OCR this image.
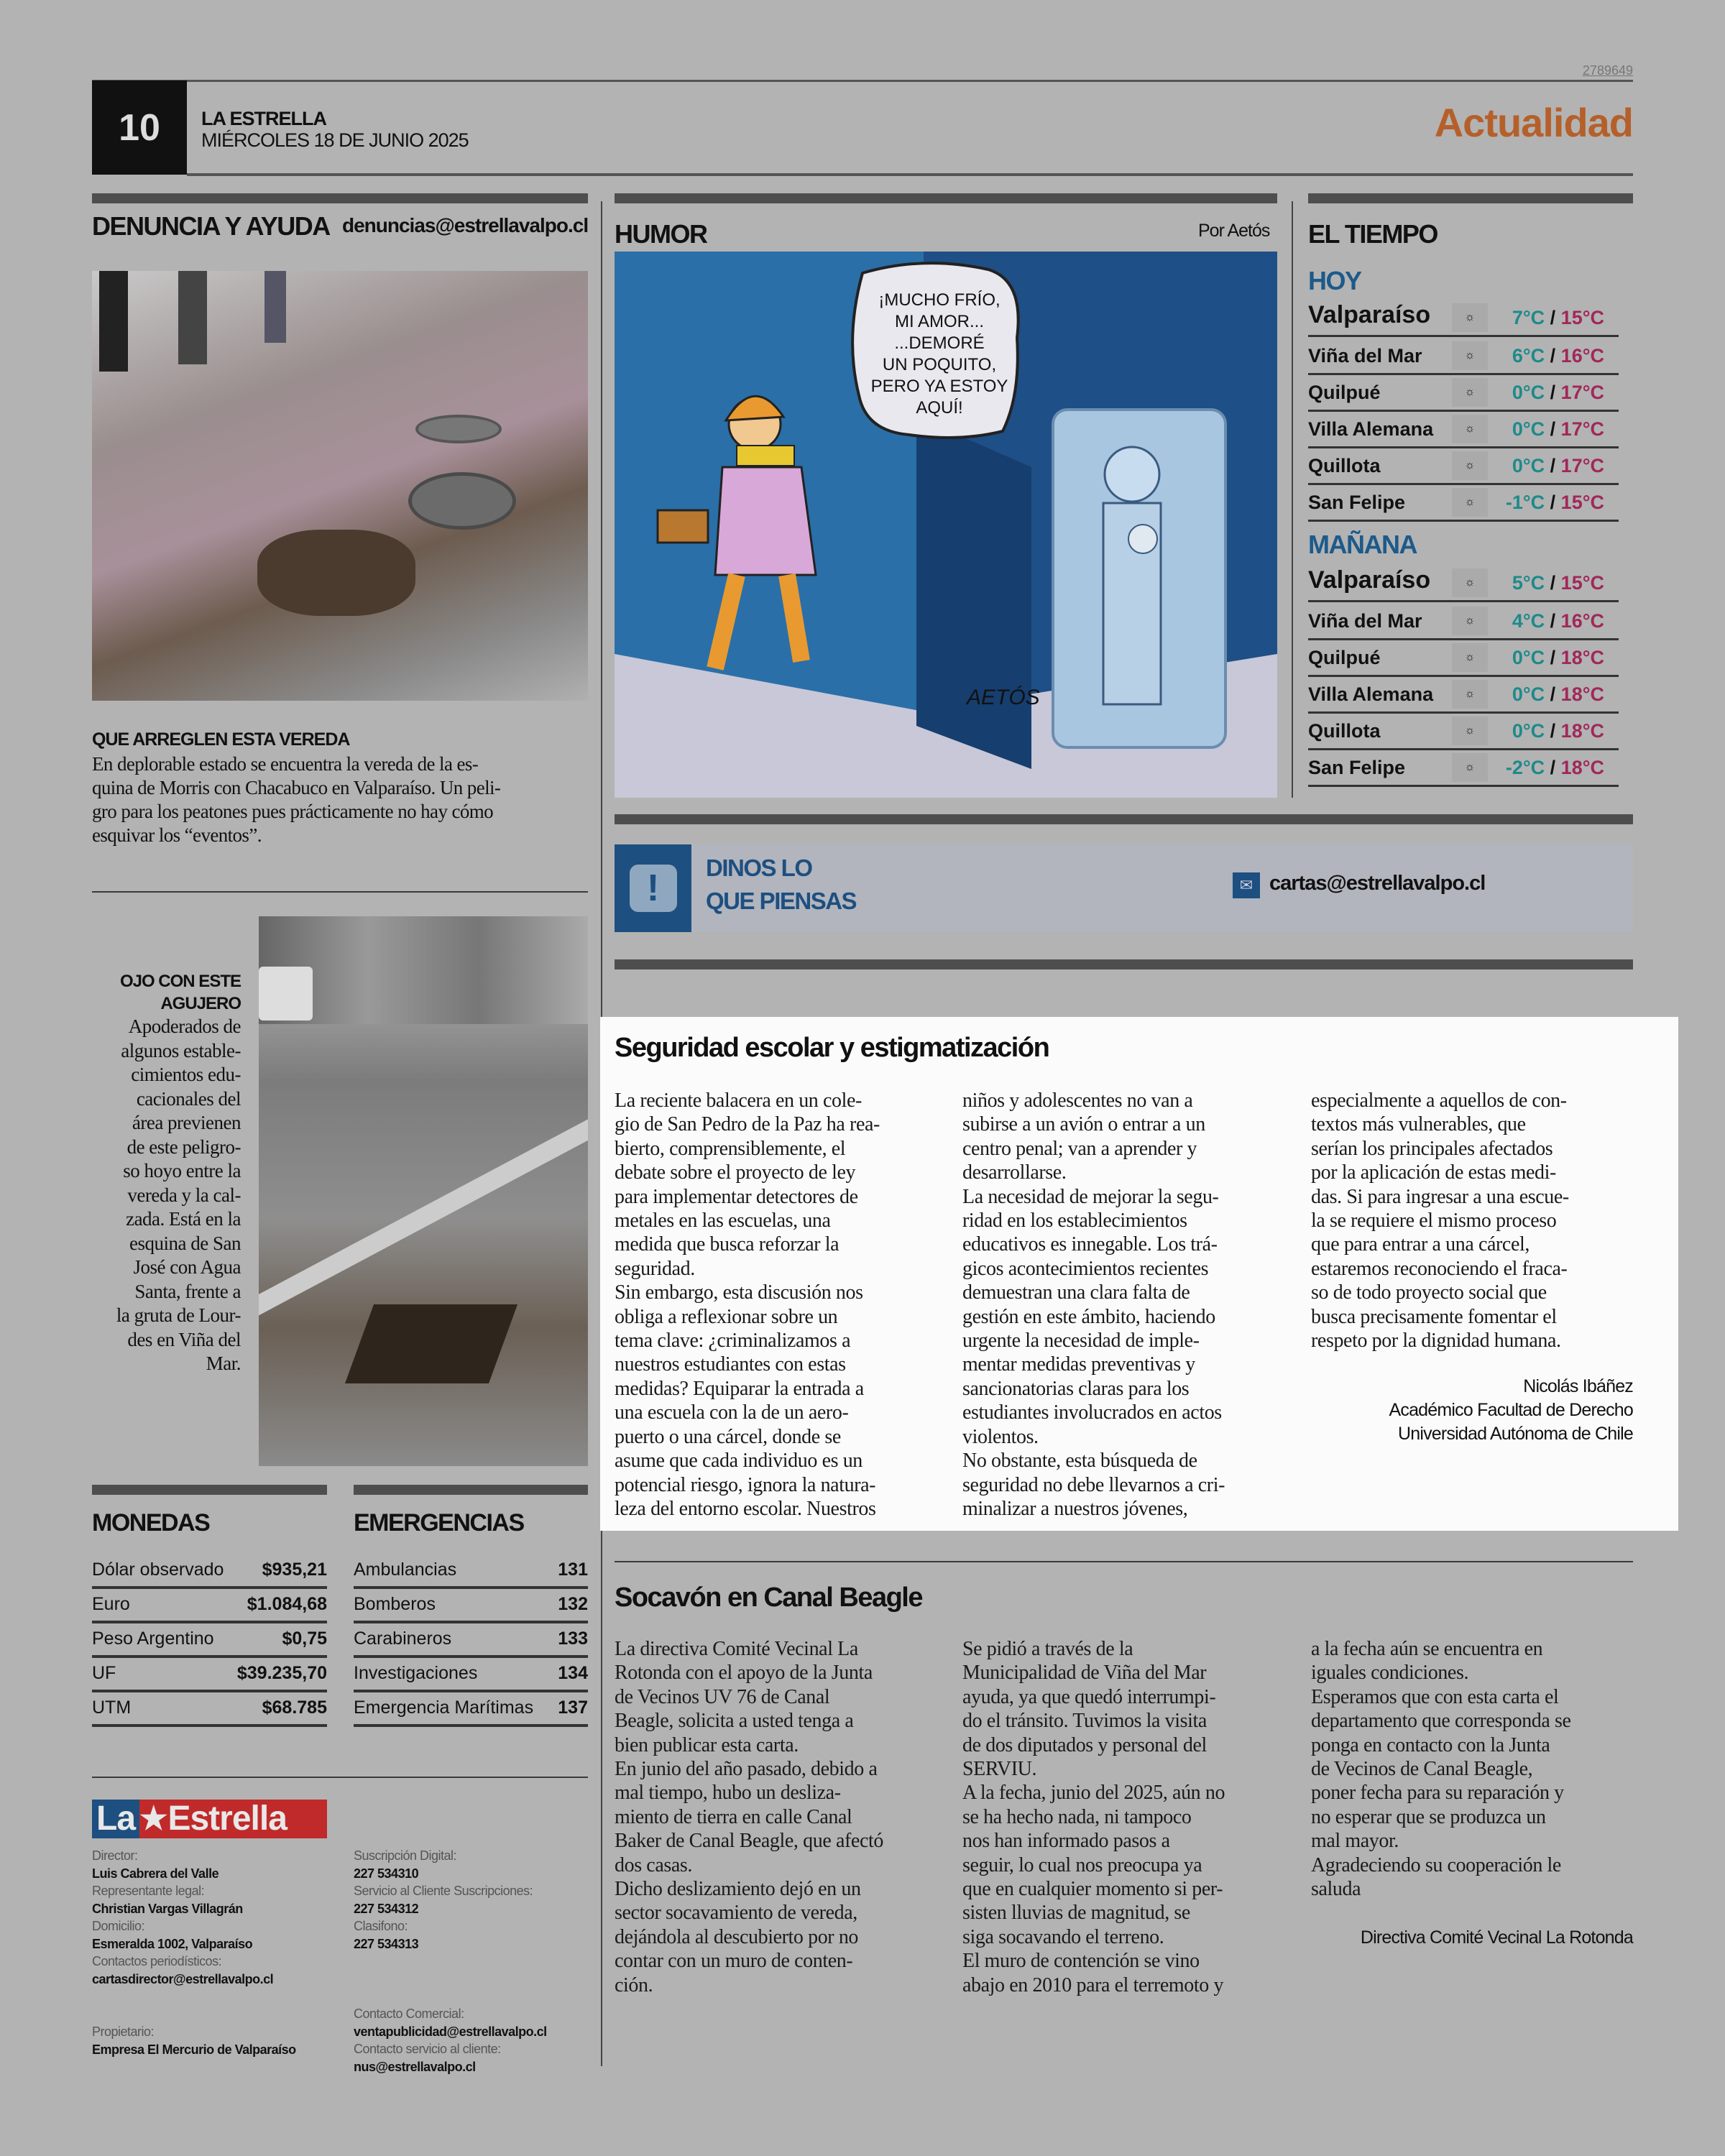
2789649
10	LA ESTRELLA
MIÉRCOLES 18 DE JUNIO 2025	Actualidad
DENUNCIA Y AYUDA denuncias@estrellavalpo.cl
QUE ARREGLEN ESTA VEREDA
En deplorable estado se encuentra la vereda de la es-
quina de Morris con Chacabuco en Valparaíso. Un peli-
gro para los peatones pues prácticamente no hay cómo
esquivar los “eventos”.
OJO CON ESTE
AGUJERO
Apoderados de
algunos estable-
cimientos edu-
cacionales del
área previenen
de este peligro-
so hoyo entre la
vereda y la cal-
zada. Está en la
esquina de San
José con Agua
Santa, frente a
la gruta de Lour-
des en Viña del
Mar.
HUMOR	Por Aetós
¡MUCHO FRÍO,
MI AMOR...
...DEMORÉ
UN POQUITO,
PERO YA ESTOY
AQUÍ!
AETÓS
EL TIEMPO
HOY
Valparaíso	☼	7°C / 15°C
Viña del Mar	☼	6°C / 16°C
Quilpué	☼	0°C / 17°C
Villa Alemana	☼	0°C / 17°C
Quillota	☼	0°C / 17°C
San Felipe	☼	-1°C / 15°C
MAÑANA
Valparaíso	☼	5°C / 15°C
Viña del Mar	☼	4°C / 16°C
Quilpué	☼	0°C / 18°C
Villa Alemana	☼	0°C / 18°C
Quillota	☼	0°C / 18°C
San Felipe	☼	-2°C / 18°C
!	DINOS LO
QUE PIENSAS
✉ cartas@estrellavalpo.cl
Seguridad escolar y estigmatización
La reciente balacera en un cole-
gio de San Pedro de la Paz ha rea-
bierto, comprensiblemente, el
debate sobre el proyecto de ley
para implementar detectores de
metales en las escuelas, una
medida que busca reforzar la
seguridad.
Sin embargo, esta discusión nos
obliga a reflexionar sobre un
tema clave: ¿criminalizamos a
nuestros estudiantes con estas
medidas? Equiparar la entrada a
una escuela con la de un aero-
puerto o una cárcel, donde se
asume que cada individuo es un
potencial riesgo, ignora la natura-
leza del entorno escolar. Nuestros
niños y adolescentes no van a
subirse a un avión o entrar a un
centro penal; van a aprender y
desarrollarse.
La necesidad de mejorar la segu-
ridad en los establecimientos
educativos es innegable. Los trá-
gicos acontecimientos recientes
demuestran una clara falta de
gestión en este ámbito, haciendo
urgente la necesidad de imple-
mentar medidas preventivas y
sancionatorias claras para los
estudiantes involucrados en actos
violentos.
No obstante, esta búsqueda de
seguridad no debe llevarnos a cri-
minalizar a nuestros jóvenes,
especialmente a aquellos de con-
textos más vulnerables, que
serían los principales afectados
por la aplicación de estas medi-
das. Si para ingresar a una escue-
la se requiere el mismo proceso
que para entrar a una cárcel,
estaremos reconociendo el fraca-
so de todo proyecto social que
busca precisamente fomentar el
respeto por la dignidad humana.
Nicolás Ibáñez
Académico Facultad de Derecho
Universidad Autónoma de Chile
Socavón en Canal Beagle
La directiva Comité Vecinal La
Rotonda con el apoyo de la Junta
de Vecinos UV 76 de Canal
Beagle, solicita a usted tenga a
bien publicar esta carta.
En junio del año pasado, debido a
mal tiempo, hubo un desliza-
miento de tierra en calle Canal
Baker de Canal Beagle, que afectó
dos casas.
Dicho deslizamiento dejó en un
sector socavamiento de vereda,
dejándola al descubierto por no
contar con un muro de conten-
ción.
Se pidió a través de la
Municipalidad de Viña del Mar
ayuda, ya que quedó interrumpi-
do el tránsito. Tuvimos la visita
de dos diputados y personal del
SERVIU.
A la fecha, junio del 2025, aún no
se ha hecho nada, ni tampoco
nos han informado pasos a
seguir, lo cual nos preocupa ya
que en cualquier momento si per-
sisten lluvias de magnitud, se
siga socavando el terreno.
El muro de contención se vino
abajo en 2010 para el terremoto y
a la fecha aún se encuentra en
iguales condiciones.
Esperamos que con esta carta el
departamento que corresponda se
ponga en contacto con la Junta
de Vecinos de Canal Beagle,
poner fecha para su reparación y
no esperar que se produzca un
mal mayor.
Agradeciendo su cooperación le
saluda
Directiva Comité Vecinal La Rotonda
MONEDAS	EMERGENCIAS
Dólar observado $935,21
Euro	$1.084,68
Peso Argentino	$0,75
UF	$39.235,70
UTM	$68.785
Ambulancias	131
Bomberos	132
Carabineros	133
Investigaciones	134
Emergencia Marítimas 137
La ★ Estrella
Director:
Luis Cabrera del Valle
Representante legal:
Christian Vargas Villagrán
Domicilio:
Esmeralda 1002, Valparaíso
Contactos periodísticos:
cartasdirector@estrellavalpo.cl
Propietario:
Empresa El Mercurio de Valparaíso
Suscripción Digital:
227 534310
Servicio al Cliente Suscripciones:
227 534312
Clasifono:
227 534313
Contacto Comercial:
ventapublicidad@estrellavalpo.cl
Contacto servicio al cliente:
nus@estrellavalpo.cl
